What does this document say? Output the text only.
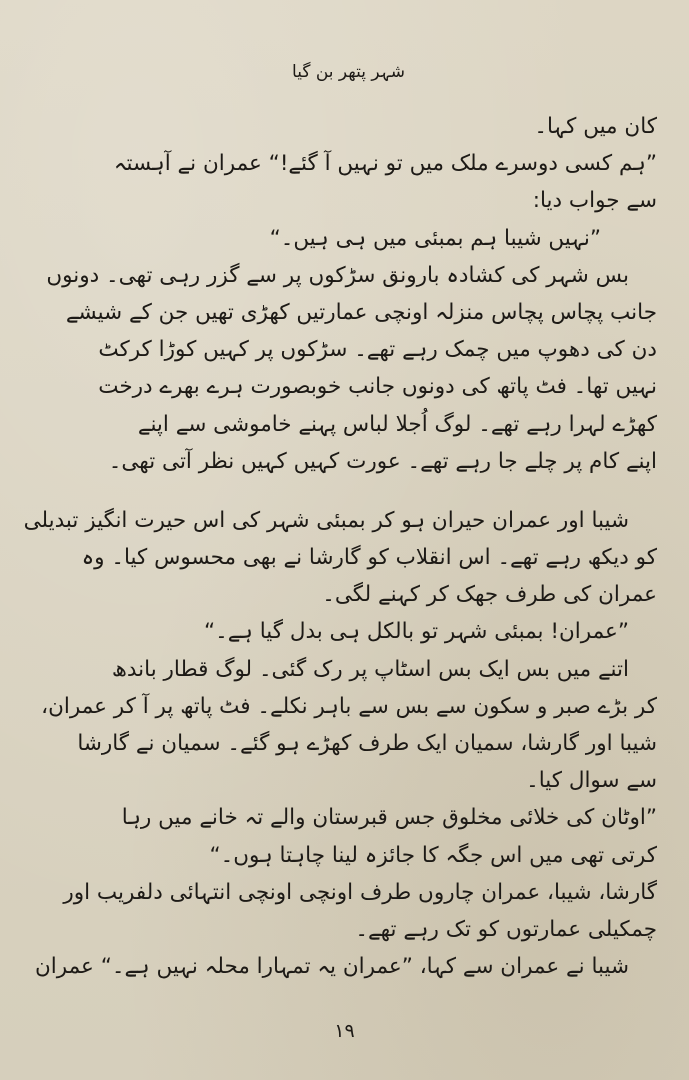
شہر پتھر بن گیا
کان میں کہا۔
”ہم کسی دوسرے ملک میں تو نہیں آ گئے!“ عمران نے آہستہ
سے جواب دیا:
”نہیں شیبا ہم بمبئی میں ہی ہیں۔“
بس شہر کی کشادہ بارونق سڑکوں پر سے گزر رہی تھی۔ دونوں
جانب پچاس پچاس منزلہ اونچی عمارتیں کھڑی تھیں جن کے شیشے
دن کی دھوپ میں چمک رہے تھے۔ سڑکوں پر کہیں کوڑا کرکٹ
نہیں تھا۔ فٹ پاتھ کی دونوں جانب خوبصورت ہرے بھرے درخت
کھڑے لہرا رہے تھے۔ لوگ اُجلا لباس پہنے خاموشی سے اپنے
اپنے کام پر چلے جا رہے تھے۔ عورت کہیں کہیں نظر آتی تھی۔
شیبا اور عمران حیران ہو کر بمبئی شہر کی اس حیرت انگیز تبدیلی
کو دیکھ رہے تھے۔ اس انقلاب کو گارشا نے بھی محسوس کیا۔ وہ
عمران کی طرف جھک کر کہنے لگی۔
”عمران! بمبئی شہر تو بالکل ہی بدل گیا ہے۔“
اتنے میں بس ایک بس اسٹاپ پر رک گئی۔ لوگ قطار باندھ
کر بڑے صبر و سکون سے بس سے باہر نکلے۔ فٹ پاتھ پر آ کر عمران،
شیبا اور گارشا، سمیان ایک طرف کھڑے ہو گئے۔ سمیان نے گارشا
سے سوال کیا۔
”اوٹان کی خلائی مخلوق جس قبرستان والے تہ خانے میں رہا
کرتی تھی میں اس جگہ کا جائزہ لینا چاہتا ہوں۔“
گارشا، شیبا، عمران چاروں طرف اونچی اونچی انتہائی دلفریب اور
چمکیلی عمارتوں کو تک رہے تھے۔
شیبا نے عمران سے کہا، ”عمران یہ تمہارا محلہ نہیں ہے۔“ عمران
۱۹
